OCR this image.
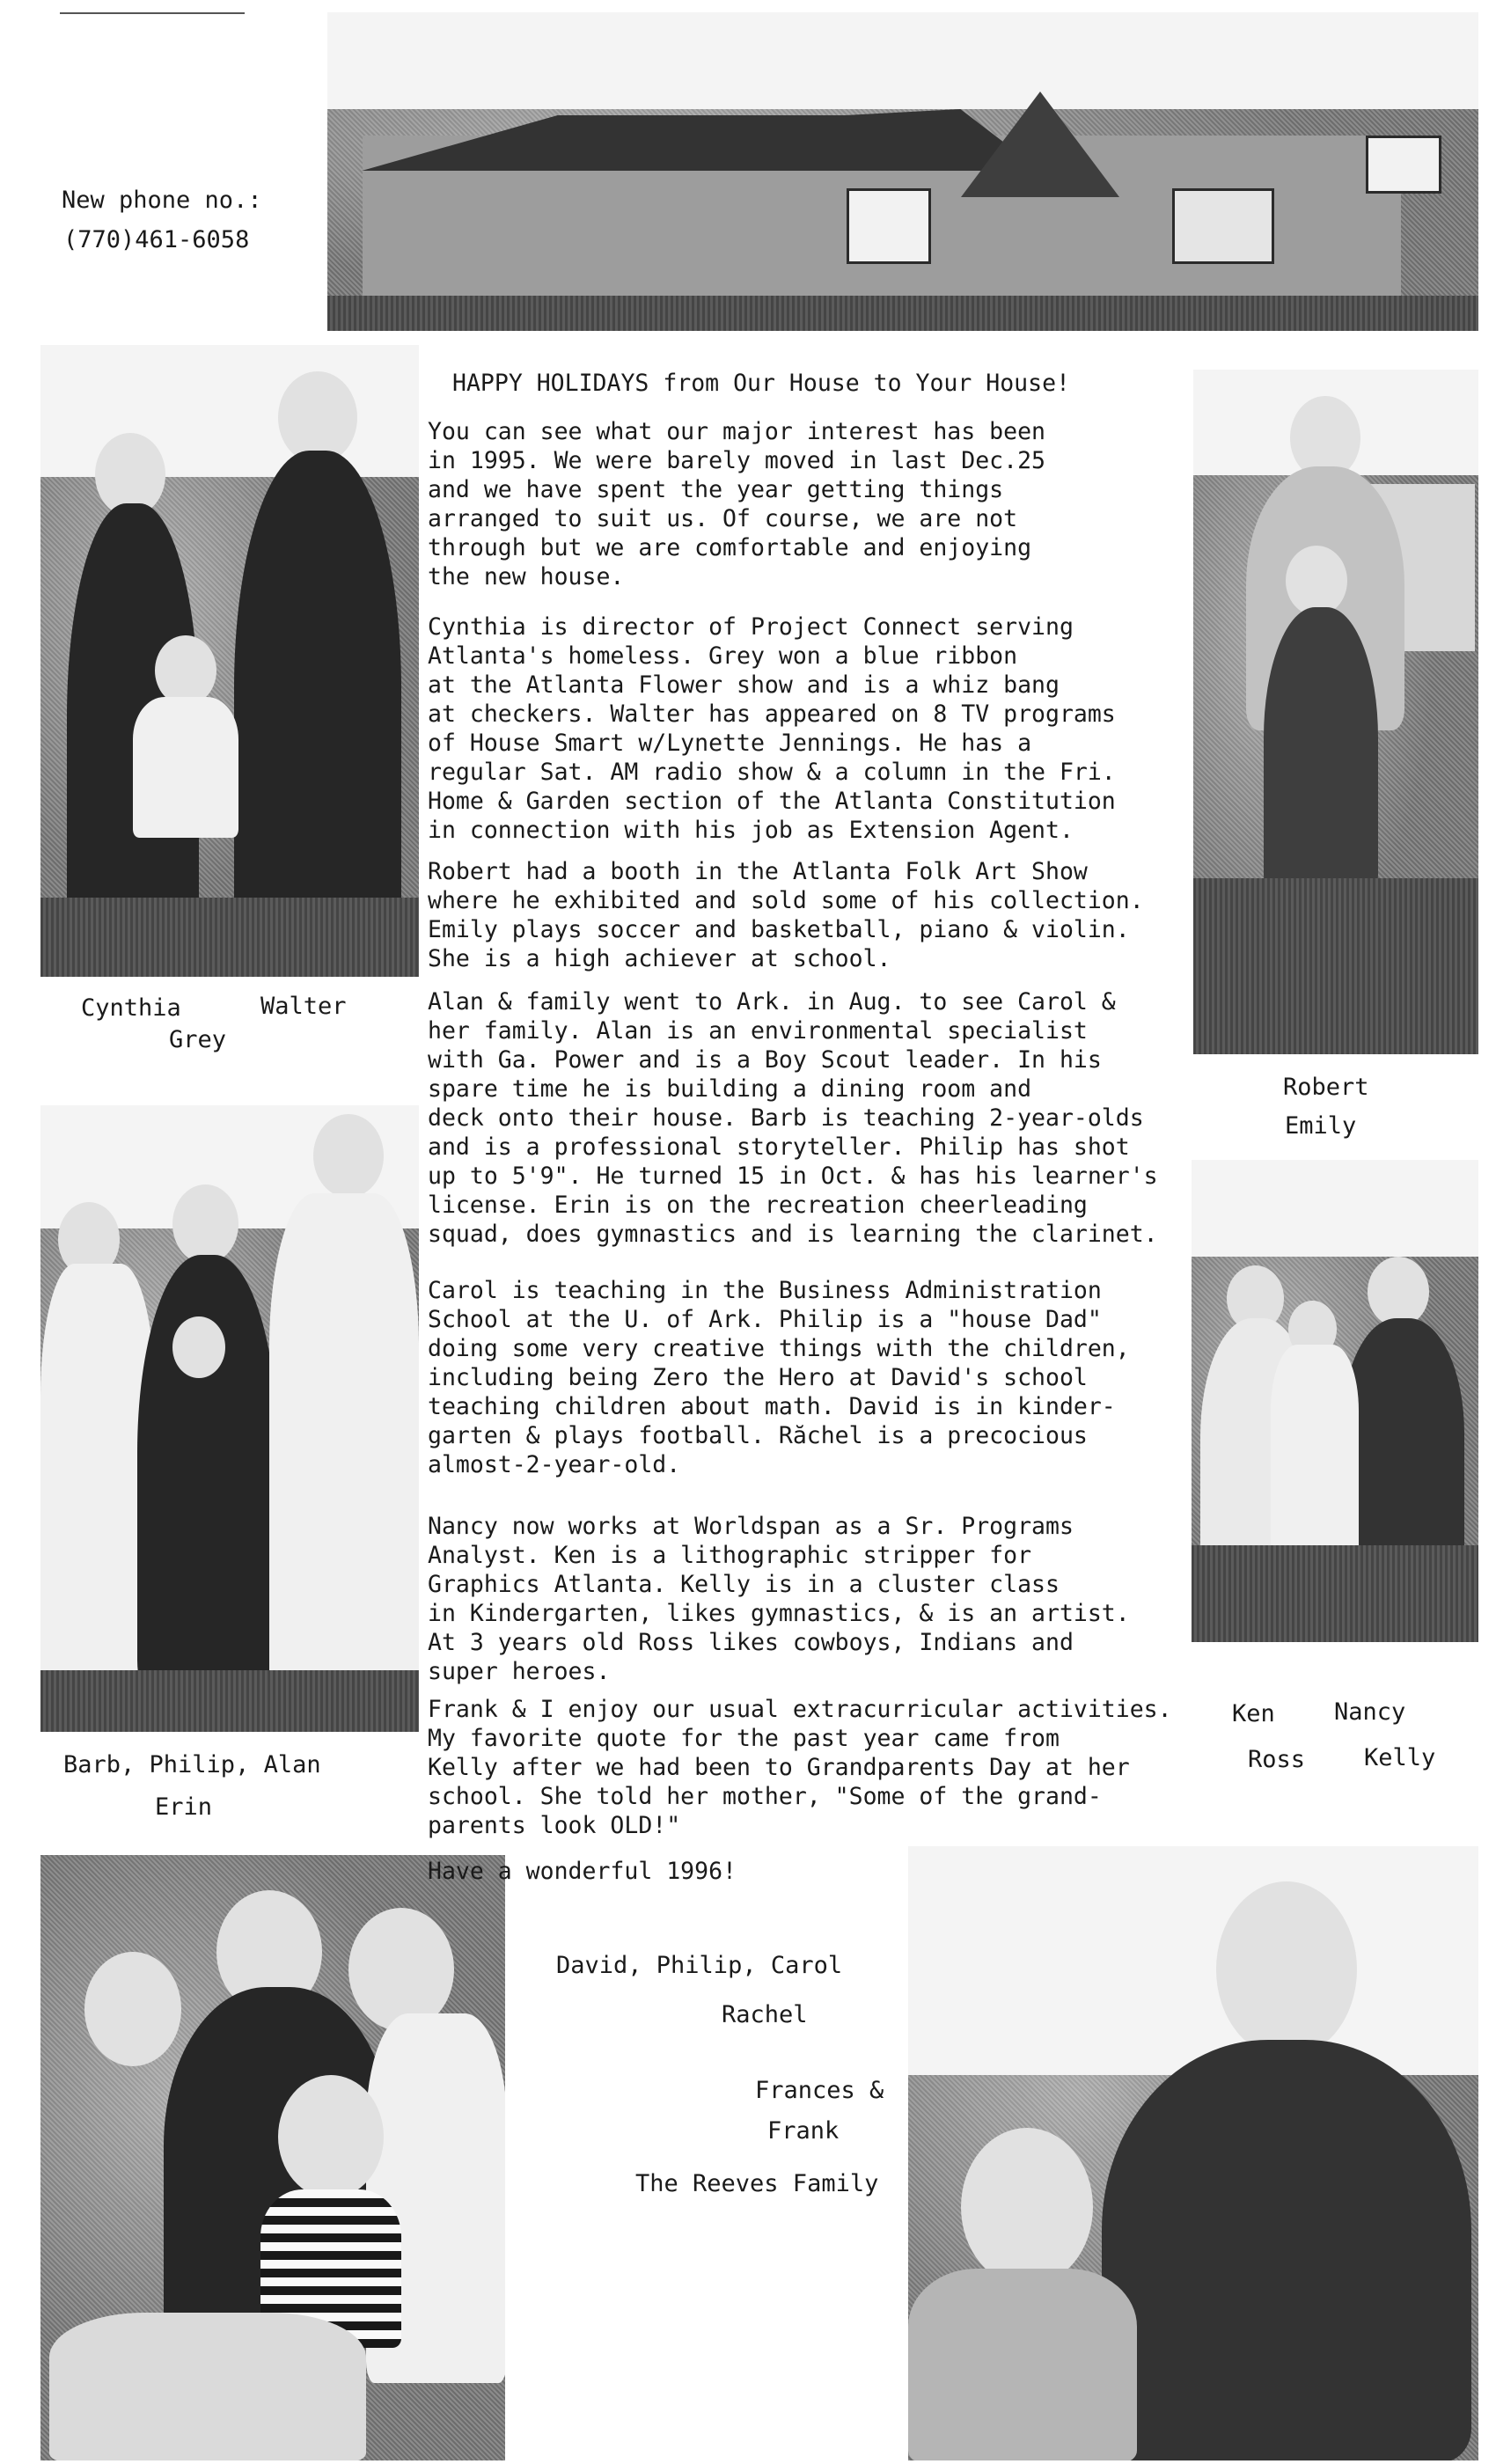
New phone no.:
(770)461-6058
Cynthia	Walter
Grey
Robert
Emily
Barb, Philip, Alan
Erin
Ken Nancy
Ross Kelly
HAPPY HOLIDAYS from Our House to Your House!
You can see what our major interest has been
in 1995. We were barely moved in last Dec.25
and we have spent the year getting things
arranged to suit us. Of course, we are not
through but we are comfortable and enjoying
the new house.
Cynthia is director of Project Connect serving
Atlanta's homeless. Grey won a blue ribbon
at the Atlanta Flower show and is a whiz bang
at checkers. Walter has appeared on 8 TV programs
of House Smart w/Lynette Jennings. He has a
regular Sat. AM radio show & a column in the Fri.
Home & Garden section of the Atlanta Constitution
in connection with his job as Extension Agent.
Robert had a booth in the Atlanta Folk Art Show
where he exhibited and sold some of his collection.
Emily plays soccer and basketball, piano & violin.
She is a high achiever at school.
Alan & family went to Ark. in Aug. to see Carol &
her family. Alan is an environmental specialist
with Ga. Power and is a Boy Scout leader. In his
spare time he is building a dining room and
deck onto their house. Barb is teaching 2-year-olds
and is a professional storyteller. Philip has shot
up to 5'9". He turned 15 in Oct. & has his learner's
license. Erin is on the recreation cheerleading
squad, does gymnastics and is learning the clarinet.
Carol is teaching in the Business Administration
School at the U. of Ark. Philip is a "house Dad"
doing some very creative things with the children,
including being Zero the Hero at David's school
teaching children about math. David is in kinder-
garten & plays football. Răchel is a precocious
almost-2-year-old.
Nancy now works at Worldspan as a Sr. Programs
Analyst. Ken is a lithographic stripper for
Graphics Atlanta. Kelly is in a cluster class
in Kindergarten, likes gymnastics, & is an artist.
At 3 years old Ross likes cowboys, Indians and
super heroes.
Frank & I enjoy our usual extracurricular activities.
My favorite quote for the past year came from
Kelly after we had been to Grandparents Day at her
school. She told her mother, "Some of the grand-
parents look OLD!"
Have a wonderful 1996!
David, Philip, Carol
Rachel
Frances &
Frank
The Reeves Family
